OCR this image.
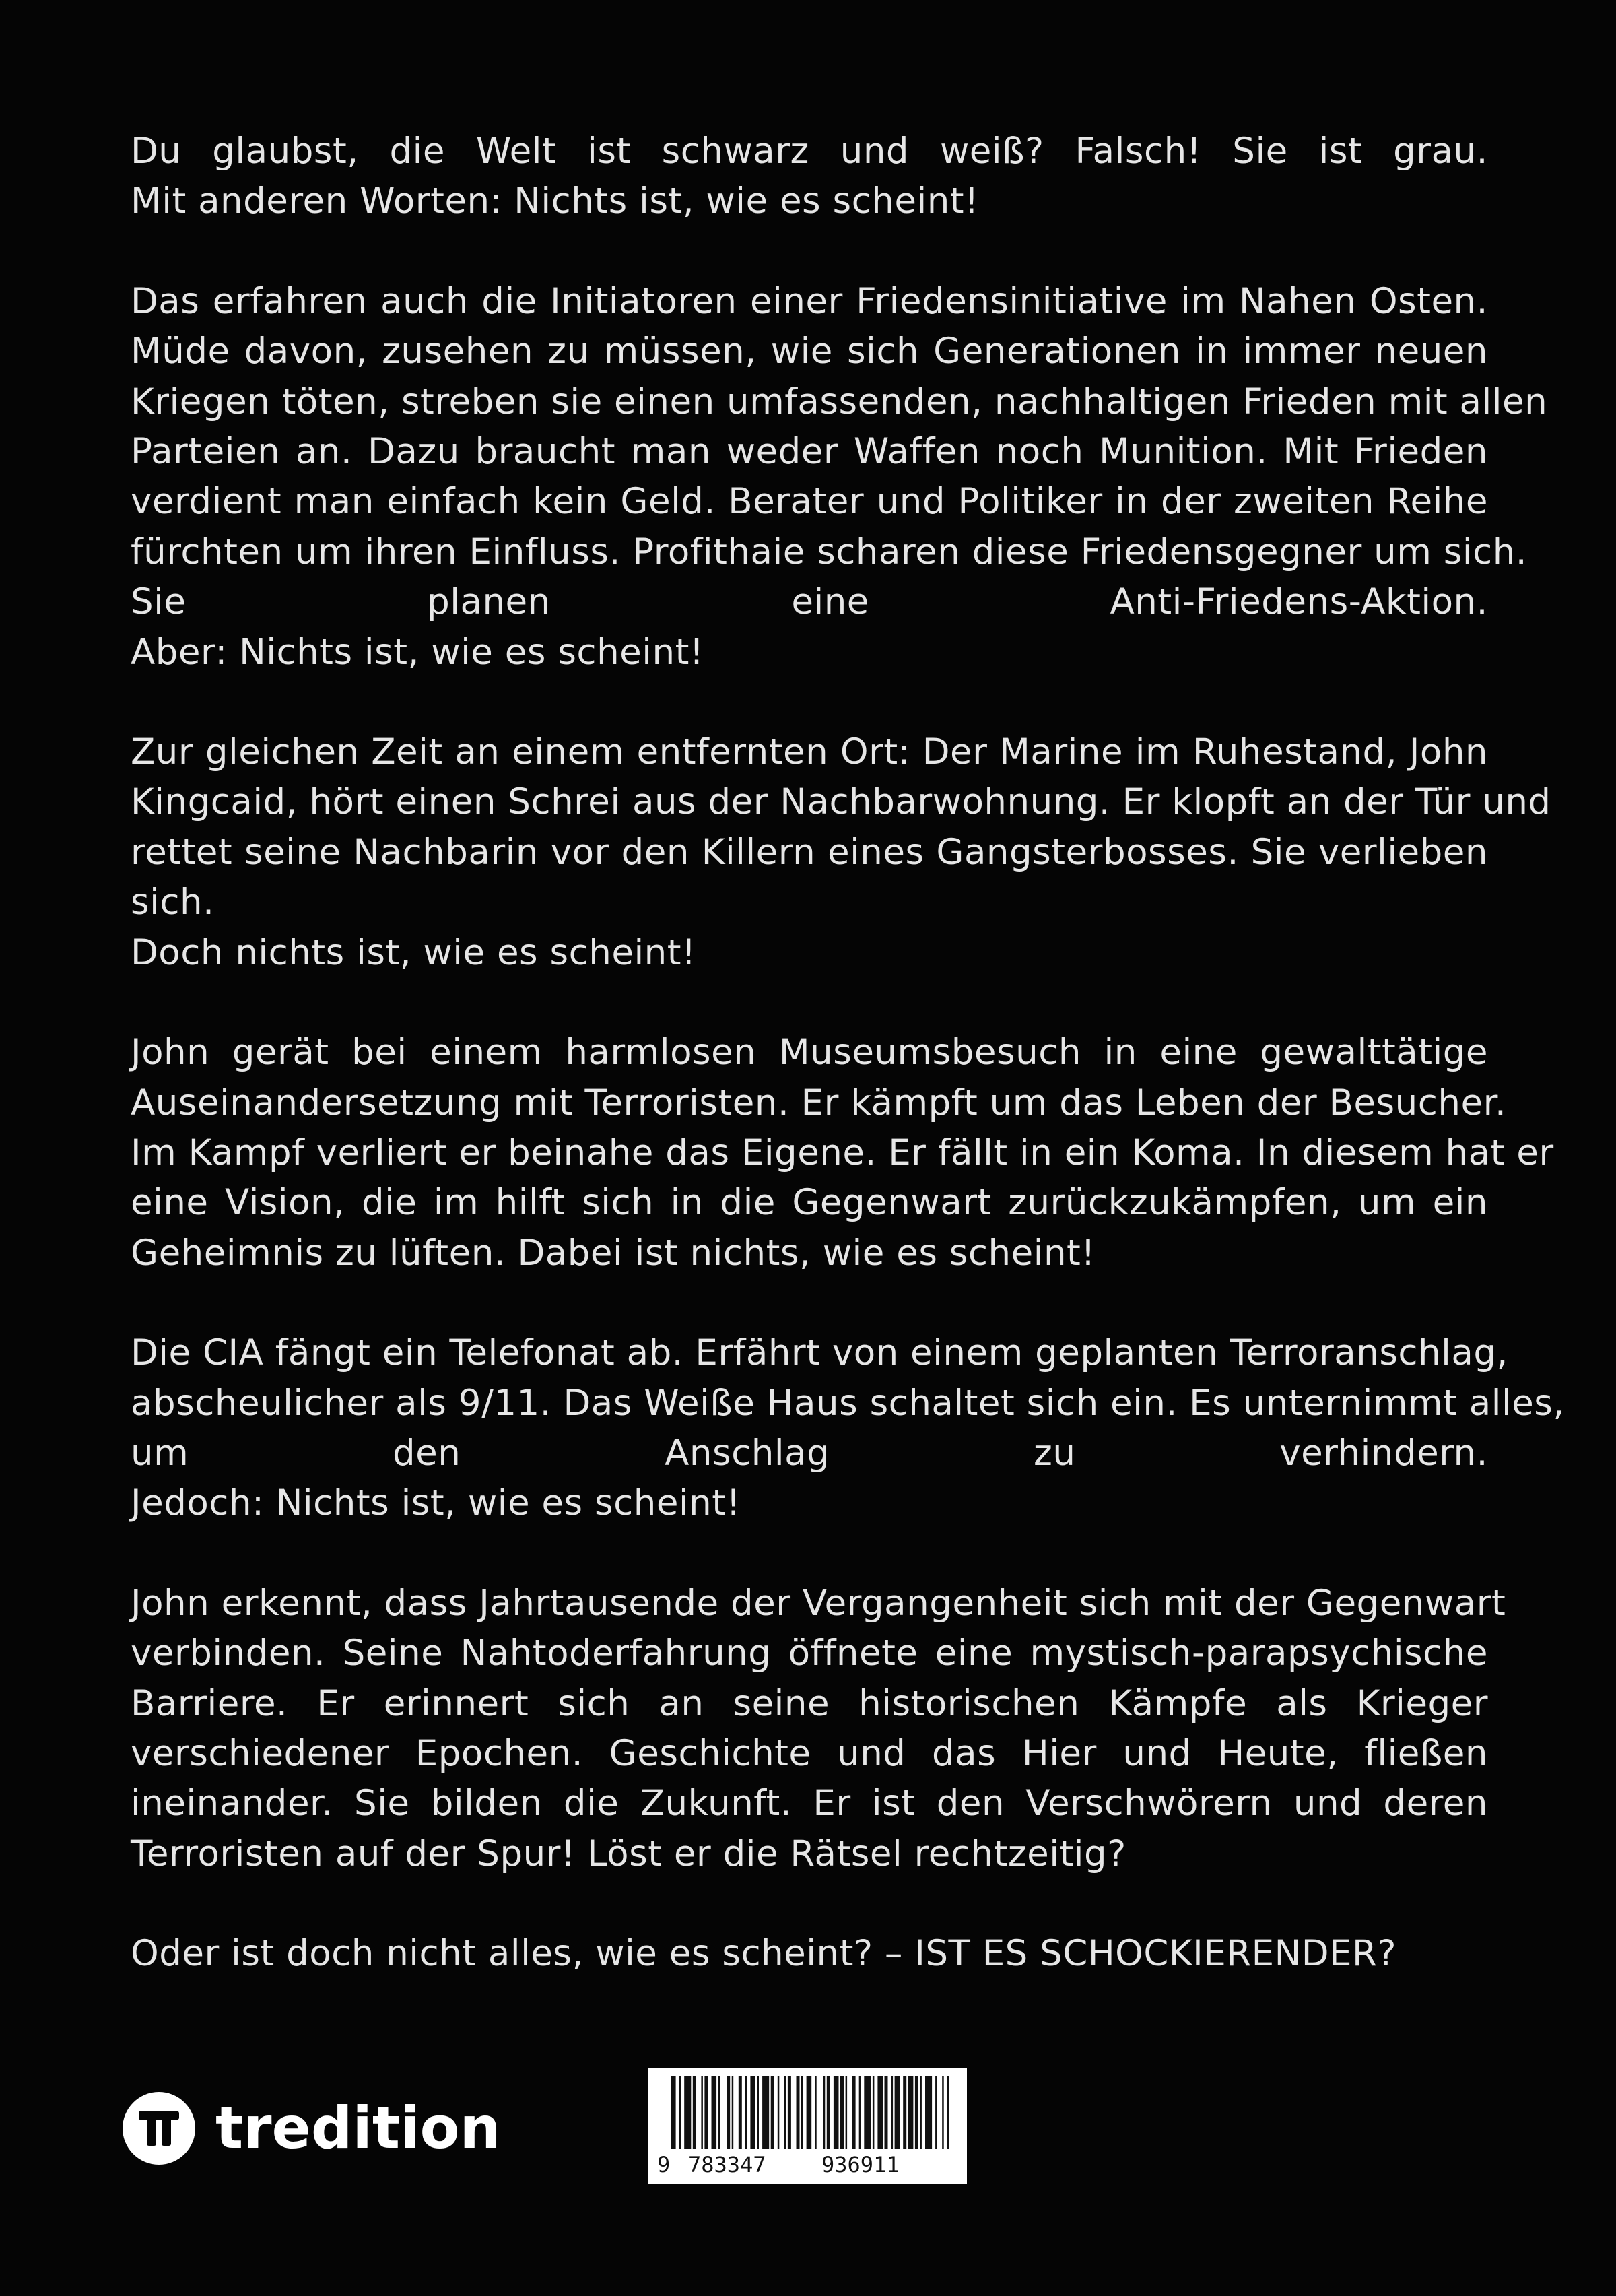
Du glaubst, die Welt ist schwarz und weiß? Falsch! Sie ist grau.
Mit anderen Worten: Nichts ist, wie es scheint!
Das erfahren auch die Initiatoren einer Friedensinitiative im Nahen Osten.
Müde davon, zusehen zu müssen, wie sich Generationen in immer neuen
Kriegen töten, streben sie einen umfassenden, nachhaltigen Frieden mit allen
Parteien an. Dazu braucht man weder Waffen noch Munition. Mit Frieden
verdient man einfach kein Geld. Berater und Politiker in der zweiten Reihe
fürchten um ihren Einfluss. Profithaie scharen diese Friedensgegner um sich.
Sie planen eine Anti-Friedens-Aktion.
Aber: Nichts ist, wie es scheint!
Zur gleichen Zeit an einem entfernten Ort: Der Marine im Ruhestand, John
Kingcaid, hört einen Schrei aus der Nachbarwohnung. Er klopft an der Tür und
rettet seine Nachbarin vor den Killern eines Gangsterbosses. Sie verlieben
sich.
Doch nichts ist, wie es scheint!
John gerät bei einem harmlosen Museumsbesuch in eine gewalttätige
Auseinandersetzung mit Terroristen. Er kämpft um das Leben der Besucher.
Im Kampf verliert er beinahe das Eigene. Er fällt in ein Koma. In diesem hat er
eine Vision, die im hilft sich in die Gegenwart zurückzukämpfen, um ein
Geheimnis zu lüften. Dabei ist nichts, wie es scheint!
Die CIA fängt ein Telefonat ab. Erfährt von einem geplanten Terroranschlag,
abscheulicher als 9/11. Das Weiße Haus schaltet sich ein. Es unternimmt alles,
um den Anschlag zu verhindern.
Jedoch: Nichts ist, wie es scheint!
John erkennt, dass Jahrtausende der Vergangenheit sich mit der Gegenwart
verbinden. Seine Nahtoderfahrung öffnete eine mystisch-parapsychische
Barriere. Er erinnert sich an seine historischen Kämpfe als Krieger
verschiedener Epochen. Geschichte und das Hier und Heute, fließen
ineinander. Sie bilden die Zukunft. Er ist den Verschwörern und deren
Terroristen auf der Spur! Löst er die Rätsel rechtzeitig?
Oder ist doch nicht alles, wie es scheint? – IST ES SCHOCKIERENDER?
tredition
9 783347	936911
